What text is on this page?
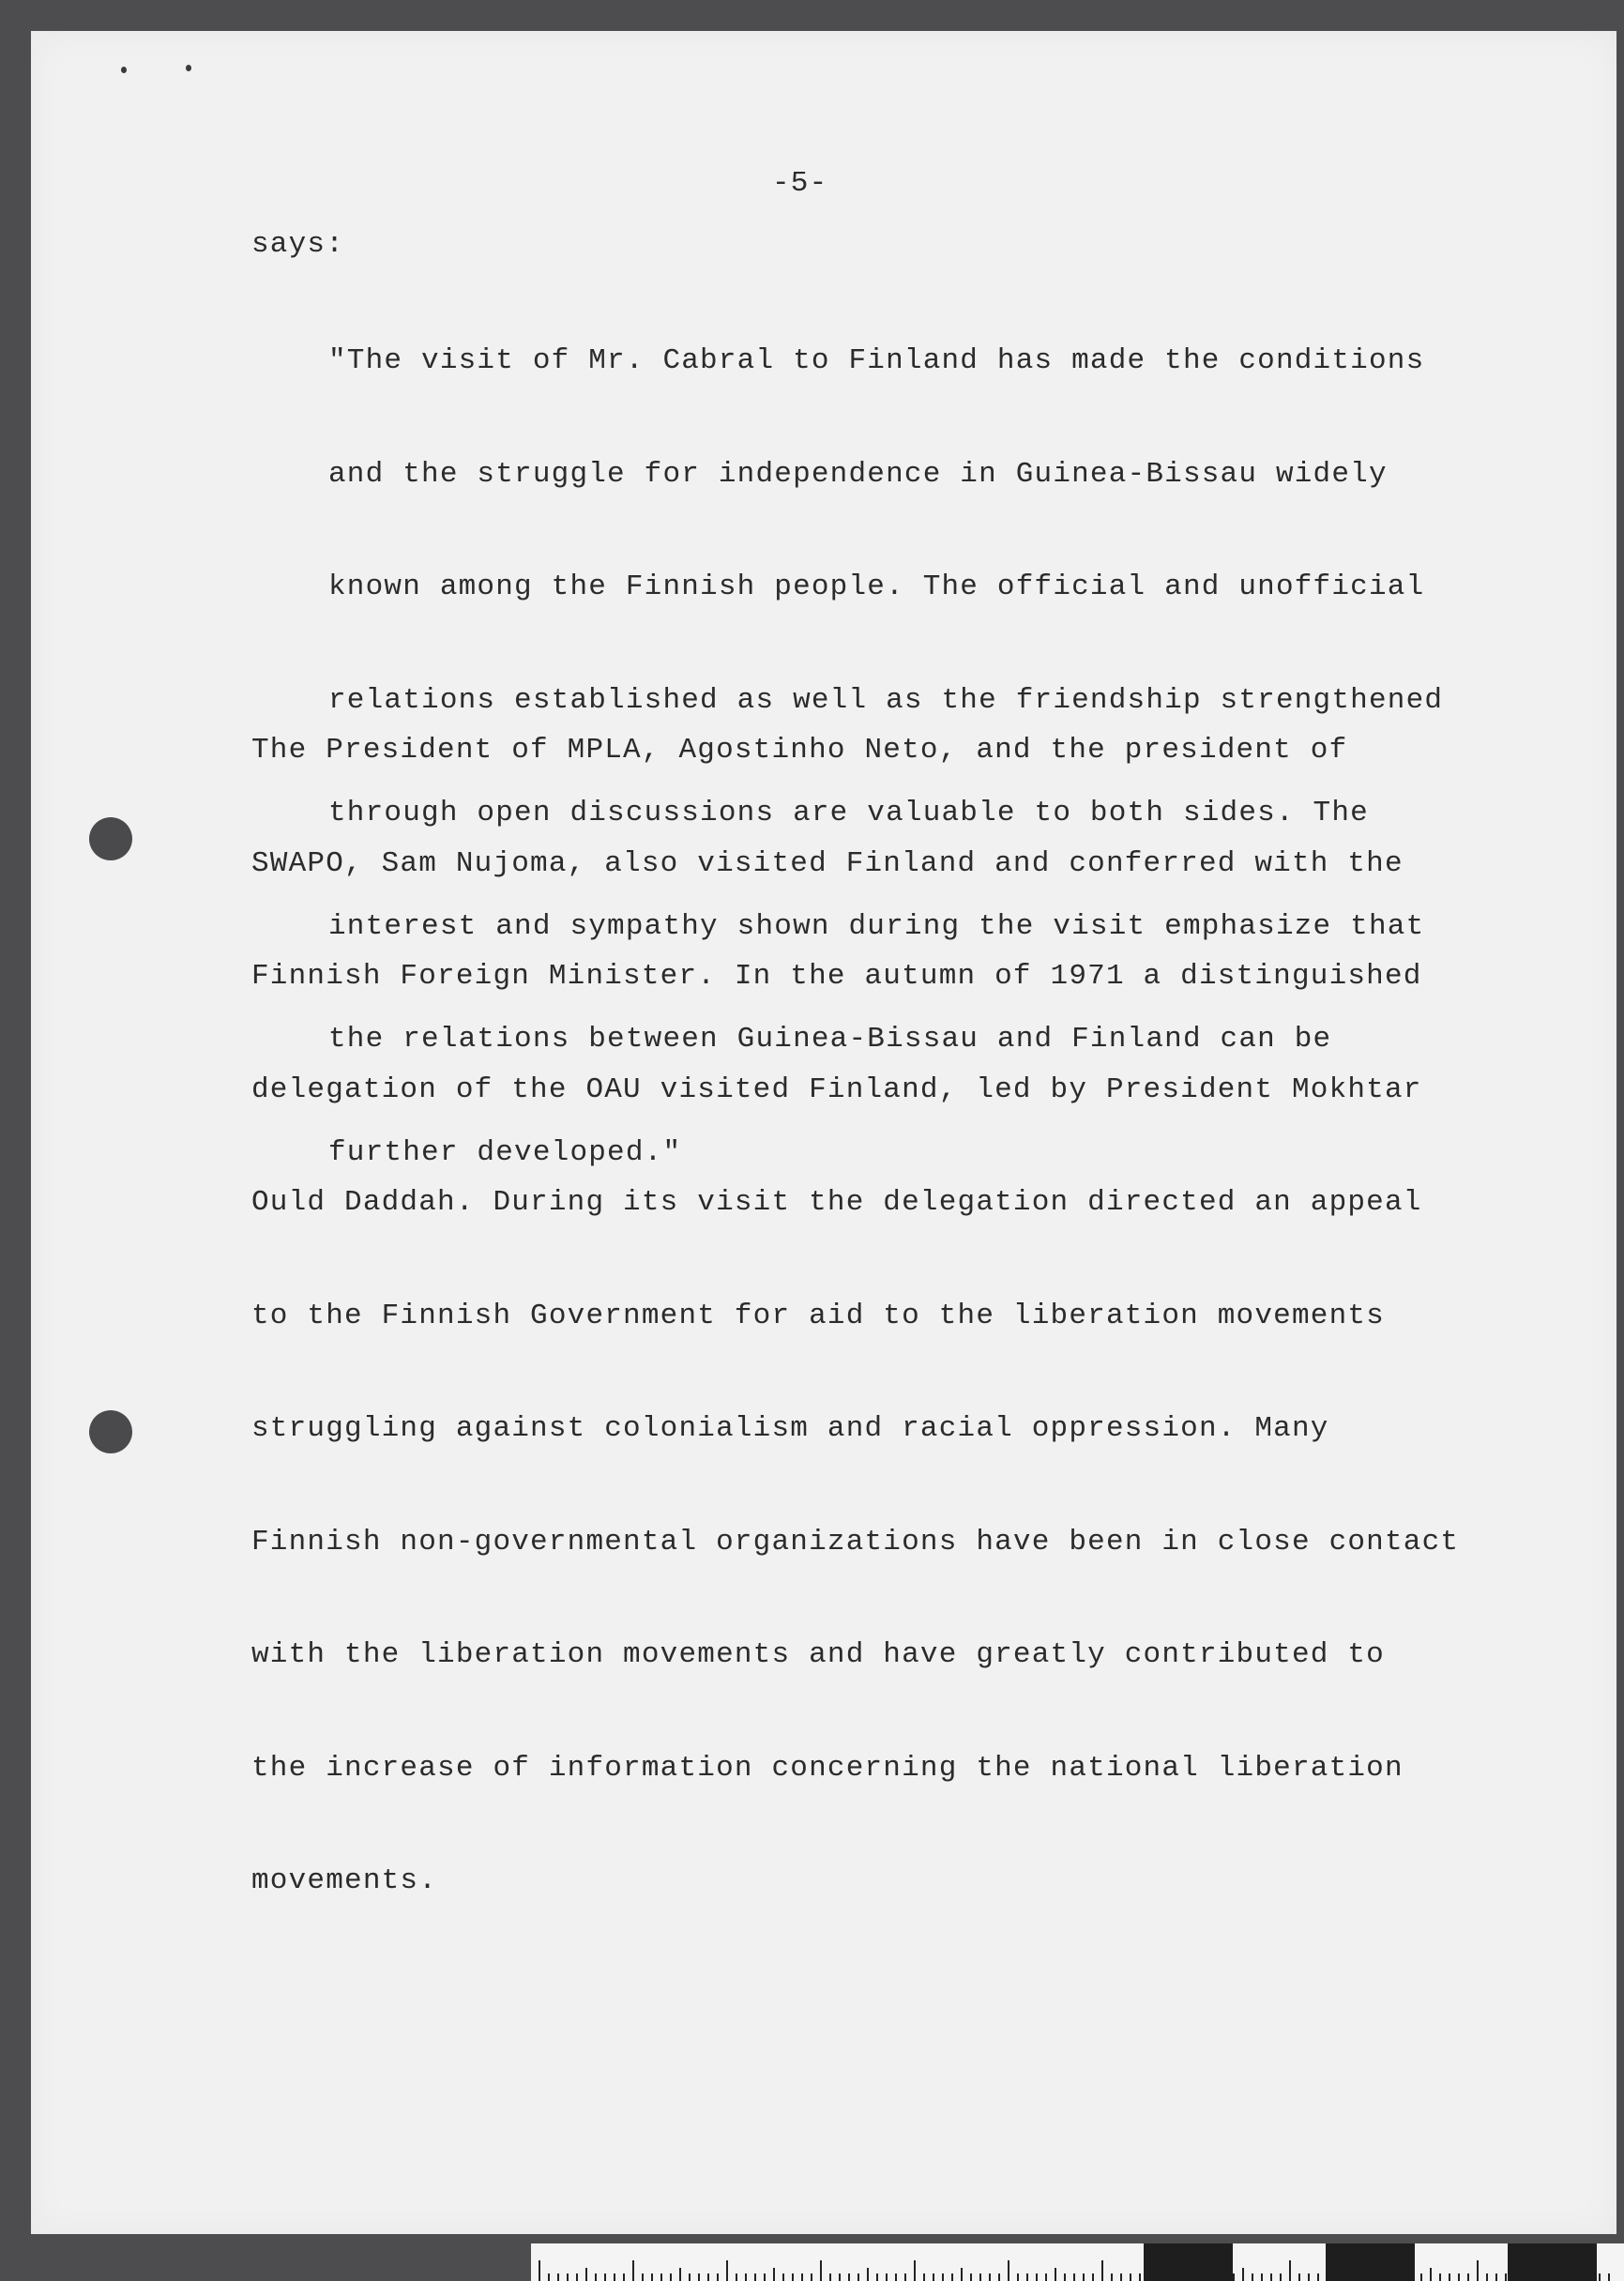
-5-

says:

"The visit of Mr. Cabral to Finland has made the conditions

and the struggle for independence in Guinea-Bissau widely

known among the Finnish people. The official and unofficial

relations established as well as the friendship strengthened

through open discussions are valuable to both sides. The

interest and sympathy shown during the visit emphasize that

the relations between Guinea-Bissau and Finland can be

further developed."

The President of MPLA, Agostinho Neto, and the president of

SWAPO, Sam Nujoma, also visited Finland and conferred with the

Finnish Foreign Minister. In the autumn of 1971 a distinguished

delegation of the OAU visited Finland, led by President Mokhtar

Ould Daddah. During its visit the delegation directed an appeal

to the Finnish Government for aid to the liberation movements

struggling against colonialism and racial oppression. Many

Finnish non-governmental organizations have been in close contact

with the liberation movements and have greatly contributed to

the increase of information concerning the national liberation

movements.
